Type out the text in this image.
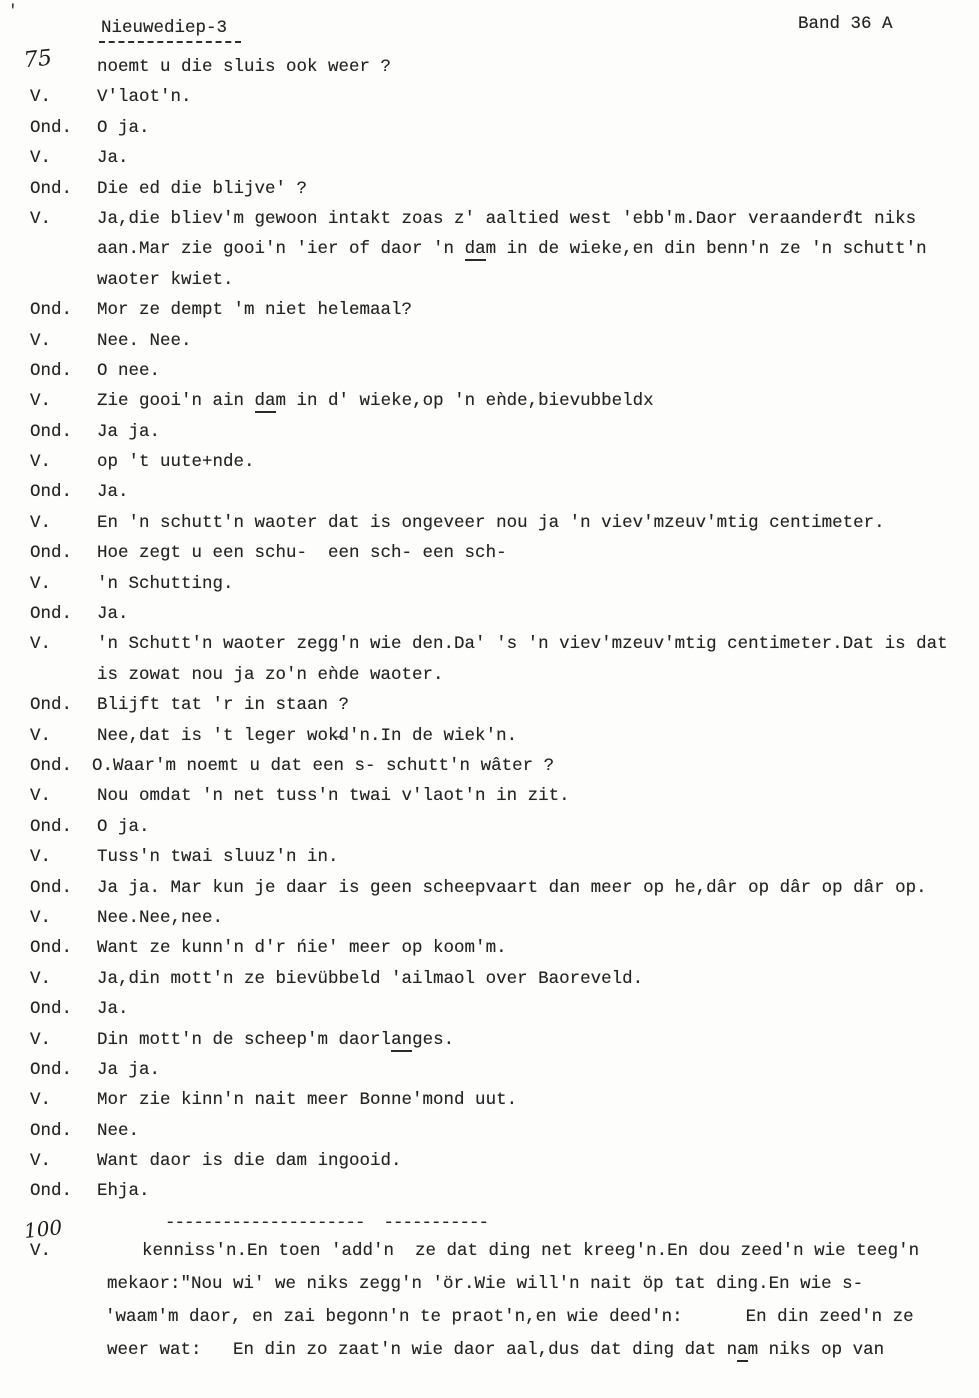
'
Nieuwediep-3	Band 36 A
75	noemt u die sluis ook weer ?
V.	V'laot'n.
Ond. O ja.
V.	Ja.
Ond. Die ed die blijve' ?
V.	Ja,die bliev'm gewoon intakt zoas z' aaltied west 'ebb'm.Daor veraanderđt niks
aan.Mar zie gooi'n 'ier of daor 'n dam in de wieke,en din benn'n ze 'n schutt'n
waoter kwiet.
Ond. Mor ze dempt 'm niet helemaal?
V.	Nee. Nee.
Ond. O nee.
V.	Zie gooi'n ain dam in d' wieke,op 'n eǹde,bievubbeldx
Ond. Ja ja.
V.	op 't uute+nde.
Ond. Ja.
V.	En 'n schutt'n waoter dat is ongeveer nou ja 'n viev'mzeuv'mtig centimeter.
Ond. Hoe zegt u een schu-  een sch- een sch-
V.	'n Schutting.
Ond. Ja.
V.	'n Schutt'n waoter zegg'n wie den.Da' 's 'n viev'mzeuv'mtig centimeter.Dat is dat
is zowat nou ja zo'n eǹde waoter.
Ond. Blijft tat 'r in staan ?
V.	Nee,dat is 't leger wok̶d'n.In de wiek'n.
Ond. O.Waar'm noemt u dat een s- schutt'n wâter ?
V.	Nou omdat 'n net tuss'n twai v'laot'n in zit.
Ond. O ja.
V.	Tuss'n twai sluuz'n in.
Ond. Ja ja. Mar kun je daar is geen scheepvaart dan meer op he,dâr op dâr op dâr op.
V.	Nee.Nee,nee.
Ond. Want ze kunn'n d'r ńie' meer op koom'm.
V.	Ja,din mott'n ze bievübbeld 'ailmaol over Baoreveld.
Ond. Ja.
V.	Din mott'n de scheep'm daorlanges.
Ond. Ja ja.
V.	Mor zie kinn'n nait meer Bonne'mond uut.
Ond. Nee.
V.	Want daor is die dam ingooid.
Ond. Ehja.
100	---------------------  -----------
V.	kenniss'n.En toen 'add'n  ze dat ding net kreeg'n.En dou zeed'n wie teeg'n
mekaor:"Nou wi' we niks zegg'n 'ör.Wie will'n nait öp tat ding.En wie s-
'waam'm daor, en zai begonn'n te praot'n,en wie deed'n:      En din zeed'n ze
weer wat:   En din zo zaat'n wie daor aal,dus dat ding dat nam niks op van
